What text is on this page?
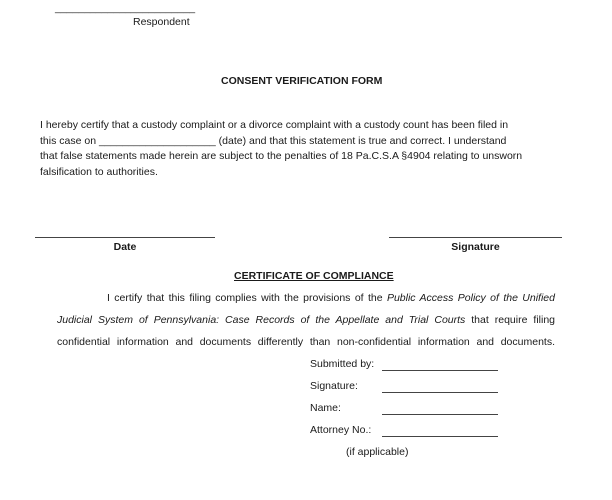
________________________
Respondent
CONSENT VERIFICATION FORM
I hereby certify that a custody complaint or a divorce complaint with a custody count has been filed in
this case on ____________________ (date) and that this statement is true and correct. I understand
that false statements made herein are subject to the penalties of 18 Pa.C.S.A §4904 relating to unsworn
falsification to authorities.
Date	Signature
CERTIFICATE OF COMPLIANCE
I certify that this filing complies with the provisions of the Public Access Policy of the Unified
Judicial System of Pennsylvania: Case Records of the Appellate and Trial Courts that require filing
confidential information and documents differently than non-confidential information and documents.
Submitted by:
Signature:
Name:
Attorney No.:
(if applicable)
